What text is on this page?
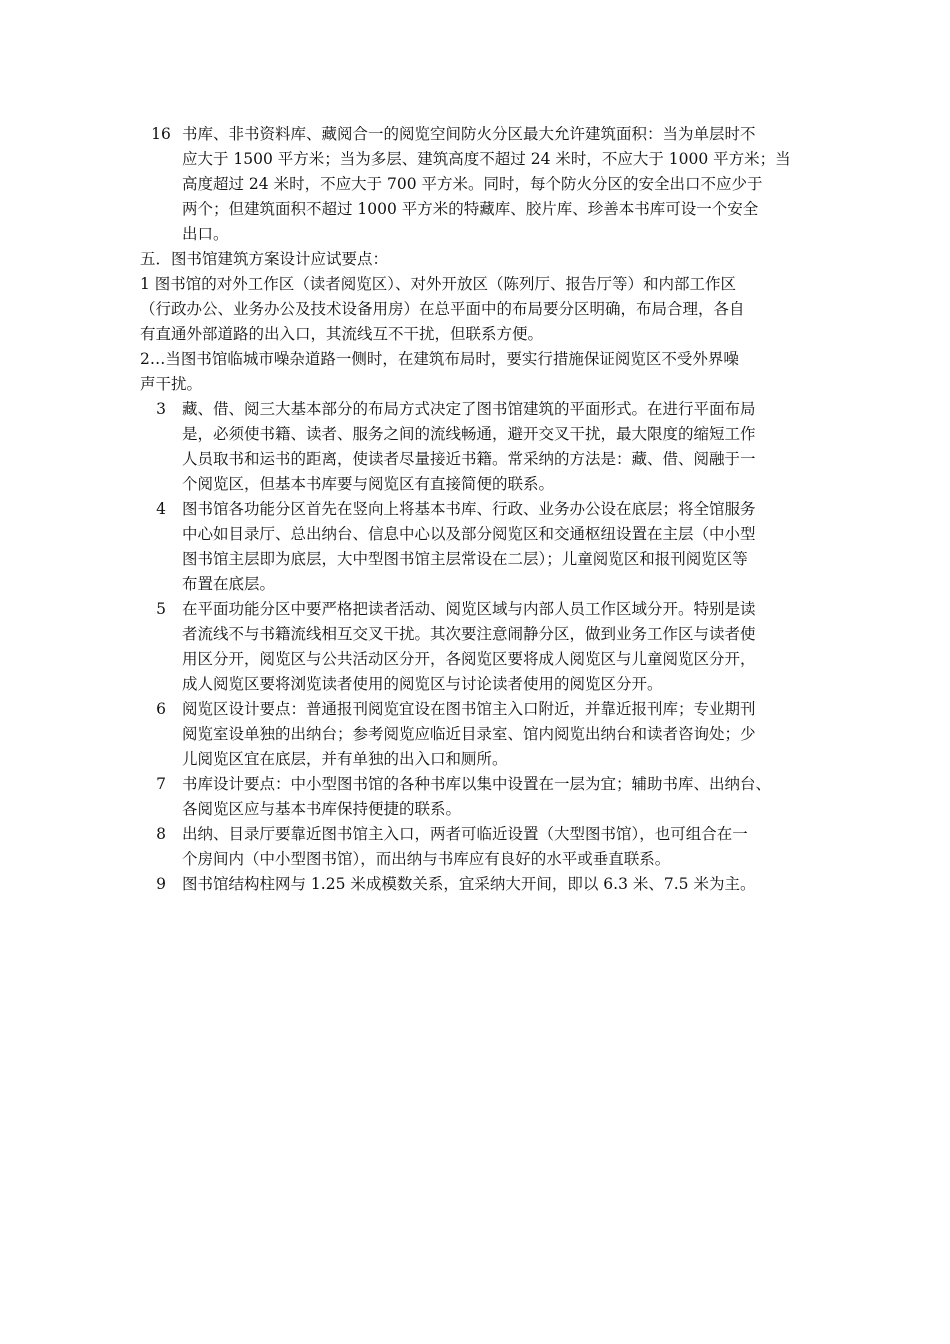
16 书库、非书资料库、藏阅合一的阅览空间防火分区最大允许建筑面积：当为单层时不
应大于 1500 平方米；当为多层、建筑高度不超过 24 米时，不应大于 1000 平方米；当
高度超过 24 米时，不应大于 700 平方米。同时，每个防火分区的安全出口不应少于
两个；但建筑面积不超过 1000 平方米的特藏库、胶片库、珍善本书库可设一个安全
出口。
五．图书馆建筑方案设计应试要点：
1 图书馆的对外工作区（读者阅览区）、对外开放区（陈列厅、报告厅等）和内部工作区
（行政办公、业务办公及技术设备用房）在总平面中的布局要分区明确，布局合理，各自
有直通外部道路的出入口，其流线互不干扰，但联系方便。
2…当图书馆临城市噪杂道路一侧时，在建筑布局时，要实行措施保证阅览区不受外界噪
声干扰。
3	藏、借、阅三大基本部分的布局方式决定了图书馆建筑的平面形式。在进行平面布局
是，必须使书籍、读者、服务之间的流线畅通，避开交叉干扰，最大限度的缩短工作
人员取书和运书的距离，使读者尽量接近书籍。常采纳的方法是：藏、借、阅融于一
个阅览区，但基本书库要与阅览区有直接简便的联系。
4	图书馆各功能分区首先在竖向上将基本书库、行政、业务办公设在底层；将全馆服务
中心如目录厅、总出纳台、信息中心以及部分阅览区和交通枢纽设置在主层（中小型
图书馆主层即为底层，大中型图书馆主层常设在二层）；儿童阅览区和报刊阅览区等
布置在底层。
5	在平面功能分区中要严格把读者活动、阅览区域与内部人员工作区域分开。特别是读
者流线不与书籍流线相互交叉干扰。其次要注意闹静分区，做到业务工作区与读者使
用区分开，阅览区与公共活动区分开，各阅览区要将成人阅览区与儿童阅览区分开，
成人阅览区要将浏览读者使用的阅览区与讨论读者使用的阅览区分开。
6	阅览区设计要点：普通报刊阅览宜设在图书馆主入口附近，并靠近报刊库；专业期刊
阅览室设单独的出纳台；参考阅览应临近目录室、馆内阅览出纳台和读者咨询处；少
儿阅览区宜在底层，并有单独的出入口和厕所。
7	书库设计要点：中小型图书馆的各种书库以集中设置在一层为宜；辅助书库、出纳台、
各阅览区应与基本书库保持便捷的联系。
8	出纳、目录厅要靠近图书馆主入口，两者可临近设置（大型图书馆），也可组合在一
个房间内（中小型图书馆），而出纳与书库应有良好的水平或垂直联系。
9	图书馆结构柱网与 1.25 米成模数关系，宜采纳大开间，即以 6.3 米、7.5 米为主。
